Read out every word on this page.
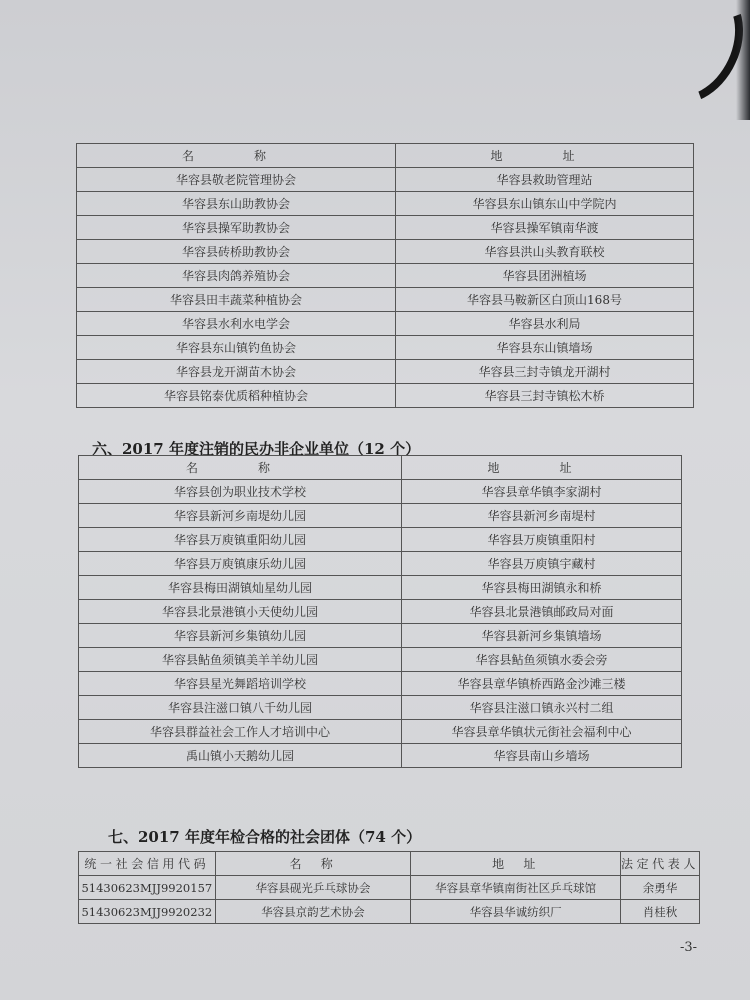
名　称	地　址
华容县敬老院管理协会	华容县救助管理站
华容县东山助教协会	华容县东山镇东山中学院内
华容县操军助教协会	华容县操军镇南华渡
华容县砖桥助教协会	华容县洪山头教育联校
华容县肉鸽养殖协会	华容县团洲植场
华容县田丰蔬菜种植协会	华容县马鞍新区白顶山168号
华容县水利水电学会	华容县水利局
华容县东山镇钓鱼协会	华容县东山镇墙场
华容县龙开湖苗木协会	华容县三封寺镇龙开湖村
华容县铭泰优质稻种植协会	华容县三封寺镇松木桥
六、2017 年度注销的民办非企业单位（12 个）
名　称	地　址
华容县创为职业技术学校	华容县章华镇李家湖村
华容县新河乡南堤幼儿园	华容县新河乡南堤村
华容县万庾镇重阳幼儿园	华容县万庾镇重阳村
华容县万庾镇康乐幼儿园	华容县万庾镇宇藏村
华容县梅田湖镇灿星幼儿园	华容县梅田湖镇永和桥
华容县北景港镇小天使幼儿园	华容县北景港镇邮政局对面
华容县新河乡集镇幼儿园	华容县新河乡集镇墙场
华容县鲇鱼须镇美羊羊幼儿园	华容县鲇鱼须镇水委会旁
华容县星光舞蹈培训学校	华容县章华镇桥西路金沙滩三楼
华容县注滋口镇八千幼儿园	华容县注滋口镇永兴村二组
华容县群益社会工作人才培训中心	华容县章华镇状元街社会福利中心
禹山镇小天鹅幼儿园	华容县南山乡墙场
七、2017 年度年检合格的社会团体（74 个）
统一社会信用代码	名　称	地　址	法定代表人
51430623MJJ9920157	华容县砚光乒乓球协会	华容县章华镇南街社区乒乓球馆	余勇华
51430623MJJ9920232	华容县京韵艺术协会	华容县华诚纺织厂	肖桂秋
-3-
